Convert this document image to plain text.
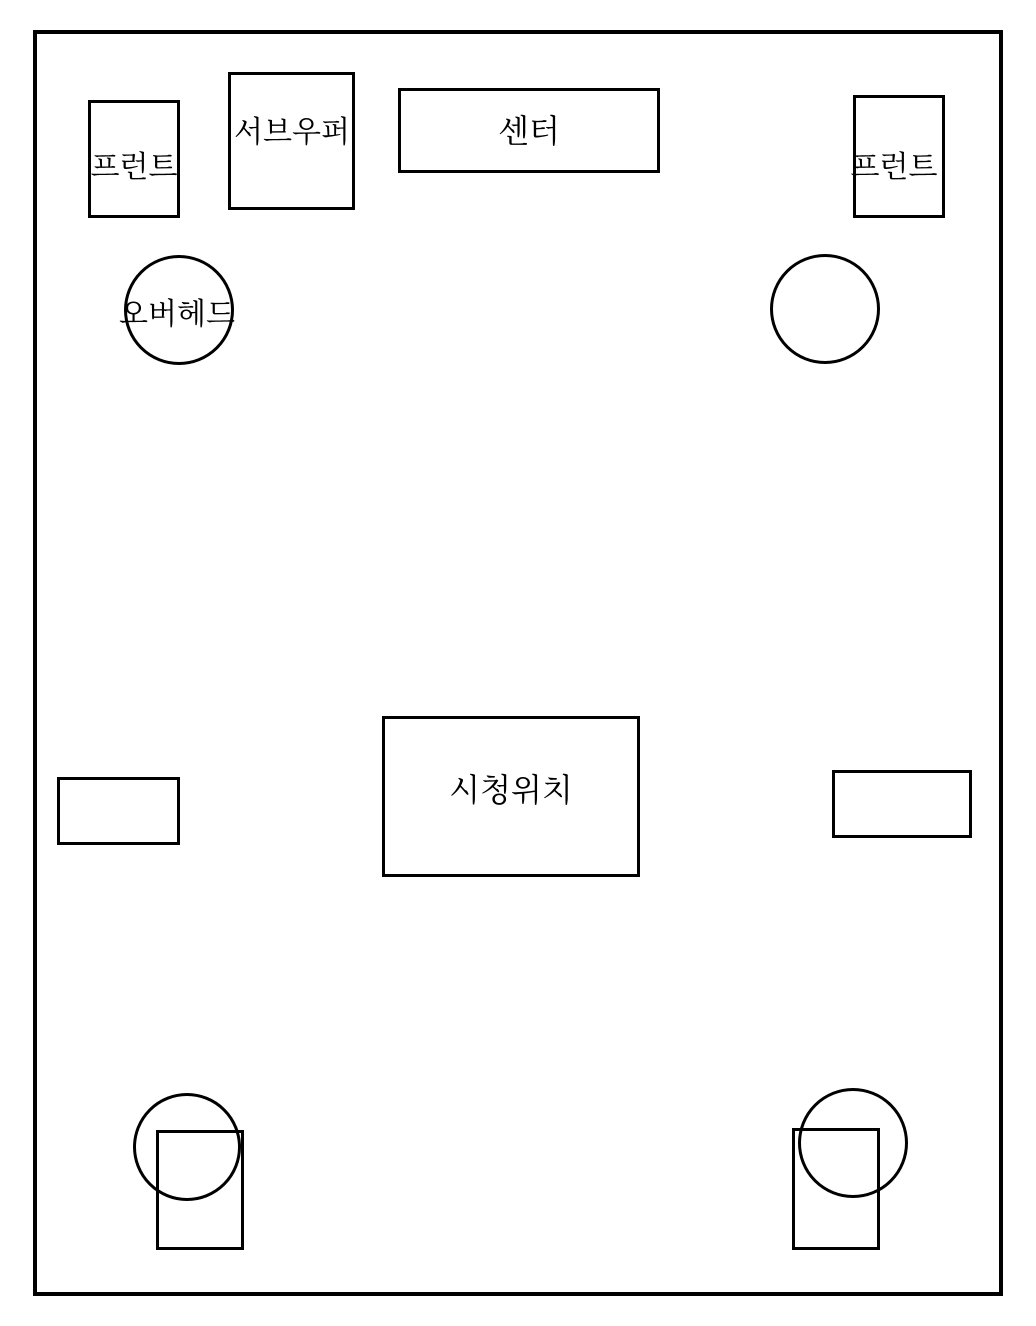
프런트	프런트
서브우퍼	센터
오버헤드
시청위치
